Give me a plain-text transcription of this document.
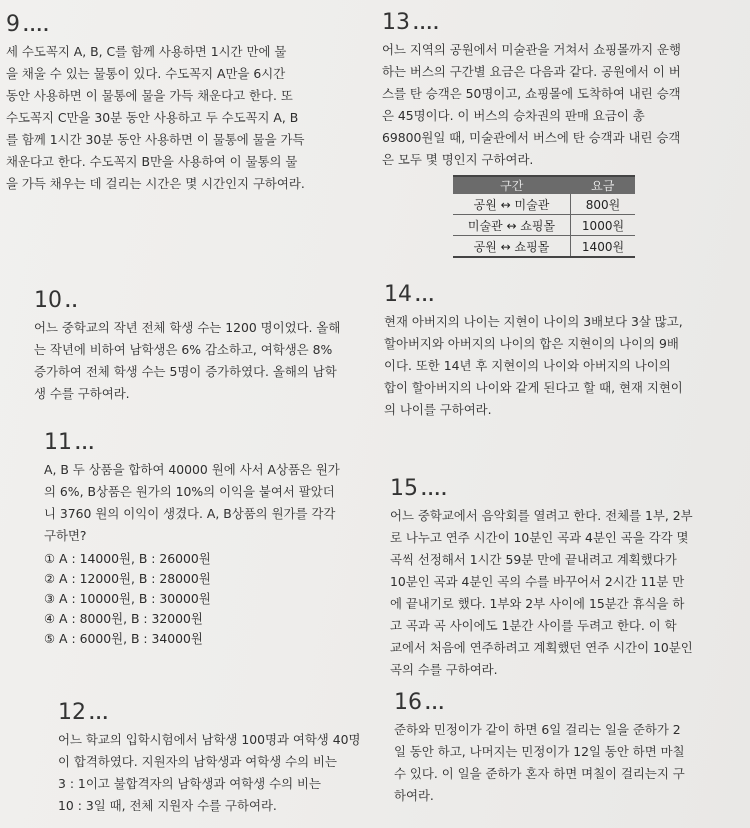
9 ....
세 수도꼭지 A, B, C를 함께 사용하면 1시간 만에 물
을 채울 수 있는 물통이 있다. 수도꼭지 A만을 6시간
동안 사용하면 이 물통에 물을 가득 채운다고 한다. 또
수도꼭지 C만을 30분 동안 사용하고 두 수도꼭지 A, B
를 함께 1시간 30분 동안 사용하면 이 물통에 물을 가득
채운다고 한다. 수도꼭지 B만을 사용하여 이 물통의 물
을 가득 채우는 데 걸리는 시간은 몇 시간인지 구하여라.
13 ....
어느 지역의 공원에서 미술관을 거쳐서 쇼핑몰까지 운행
하는 버스의 구간별 요금은 다음과 같다. 공원에서 이 버
스를 탄 승객은 50명이고, 쇼핑몰에 도착하여 내린 승객
은 45명이다. 이 버스의 승차권의 판매 요금이 총
69800원일 때, 미술관에서 버스에 탄 승객과 내린 승객
은 모두 몇 명인지 구하여라.
구간	요금
공원 ↔ 미술관	800원
미술관 ↔ 쇼핑몰	1000원
공원 ↔ 쇼핑몰	1400원
10 ..
어느 중학교의 작년 전체 학생 수는 1200 명이었다. 올해
는 작년에 비하여 남학생은 6% 감소하고, 여학생은 8%
증가하여 전체 학생 수는 5명이 증가하였다. 올해의 남학
생 수를 구하여라.
14 ...
현재 아버지의 나이는 지현이 나이의 3배보다 3살 많고,
할아버지와 아버지의 나이의 합은 지현이의 나이의 9배
이다. 또한 14년 후 지현이의 나이와 아버지의 나이의
합이 할아버지의 나이와 같게 된다고 할 때, 현재 지현이
의 나이를 구하여라.
11 ...
A, B 두 상품을 합하여 40000 원에 사서 A상품은 원가
의 6%, B상품은 원가의 10%의 이익을 붙여서 팔았더
니 3760 원의 이익이 생겼다. A, B상품의 원가를 각각
구하면?
① A : 14000원, B : 26000원
② A : 12000원, B : 28000원
③ A : 10000원, B : 30000원
④ A : 8000원, B : 32000원
⑤ A : 6000원, B : 34000원
15 ....
어느 중학교에서 음악회를 열려고 한다. 전체를 1부, 2부
로 나누고 연주 시간이 10분인 곡과 4분인 곡을 각각 몇
곡씩 선정해서 1시간 59분 만에 끝내려고 계획했다가
10분인 곡과 4분인 곡의 수를 바꾸어서 2시간 11분 만
에 끝내기로 했다. 1부와 2부 사이에 15분간 휴식을 하
고 곡과 곡 사이에도 1분간 사이를 두려고 한다. 이 학
교에서 처음에 연주하려고 계획했던 연주 시간이 10분인
곡의 수를 구하여라.
12 ...
어느 학교의 입학시험에서 남학생 100명과 여학생 40명
이 합격하였다. 지원자의 남학생과 여학생 수의 비는
3 : 1이고 불합격자의 남학생과 여학생 수의 비는
10 : 3일 때, 전체 지원자 수를 구하여라.
16 ...
준하와 민정이가 같이 하면 6일 걸리는 일을 준하가 2
일 동안 하고, 나머지는 민정이가 12일 동안 하면 마칠
수 있다. 이 일을 준하가 혼자 하면 며칠이 걸리는지 구
하여라.
